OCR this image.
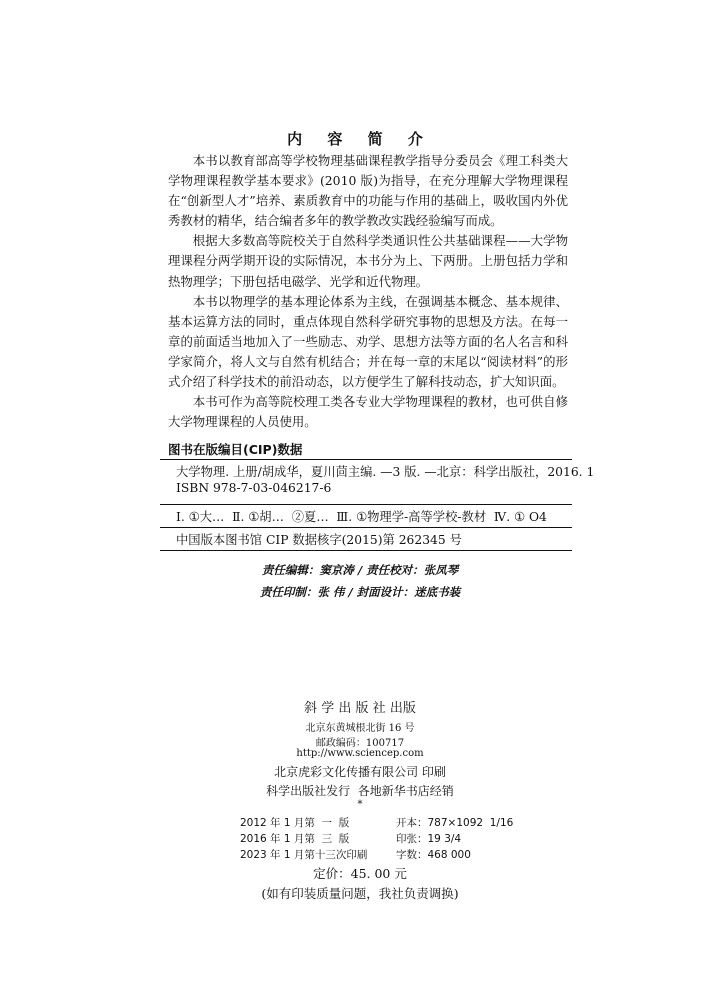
内 容 简 介

本书以教育部高等学校物理基础课程教学指导分委员会《理工科类大学物理课程教学基本要求》(2010 版)为指导，在充分理解大学物理课程在“创新型人才”培养、素质教育中的功能与作用的基础上，吸收国内外优秀教材的精华，结合编者多年的教学教改实践经验编写而成。

根据大多数高等院校关于自然科学类通识性公共基础课程——大学物理课程分两学期开设的实际情况，本书分为上、下两册。上册包括力学和热物理学；下册包括电磁学、光学和近代物理。

本书以物理学的基本理论体系为主线，在强调基本概念、基本规律、基本运算方法的同时，重点体现自然科学研究事物的思想及方法。在每一章的前面适当地加入了一些励志、劝学、思想方法等方面的名人名言和科学家简介，将人文与自然有机结合；并在每一章的末尾以“阅读材料”的形式介绍了科学技术的前沿动态，以方便学生了解科技动态，扩大知识面。

本书可作为高等院校理工类各专业大学物理课程的教材，也可供自修大学物理课程的人员使用。

图书在版编目(CIP)数据
大学物理. 上册/胡成华，夏川茴主编. —3 版. —北京：科学出版社，2016. 1
ISBN 978-7-03-046217-6
Ⅰ. ①大…  Ⅱ. ①胡…  ②夏…  Ⅲ. ①物理学-高等学校-教材  Ⅳ. ① O4
中国版本图书馆 CIP 数据核字(2015)第 262345 号
责任编辑：窦京涛 / 责任校对：张凤琴
责任印制：张 伟 / 封面设计：迷底书装
斜 学 出 版 社 出版
北京东黄城根北街 16 号
邮政编码：100717
http://www.sciencep.com
北京虎彩文化传播有限公司 印刷
科学出版社发行  各地新华书店经销
*
2012 年 1 月第  一  版	开本：787×1092  1/16
2016 年 1 月第  三  版	印张：19 3/4
2023 年 1 月第十三次印刷	字数：468 000
定价：45. 00 元
(如有印装质量问题，我社负责调换)
